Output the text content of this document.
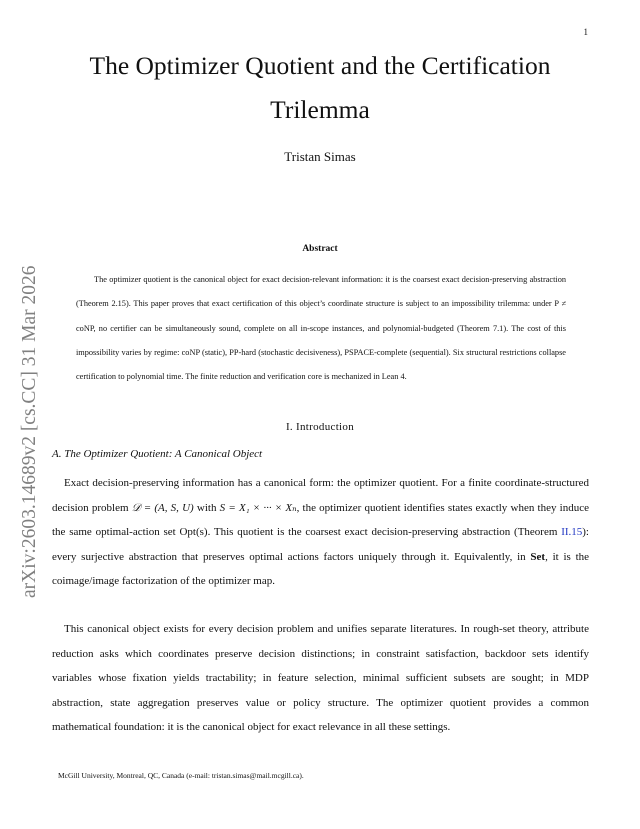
1
arXiv:2603.14689v2 [cs.CC] 31 Mar 2026
The Optimizer Quotient and the Certification Trilemma
Tristan Simas
Abstract

The optimizer quotient is the canonical object for exact decision-relevant information: it is the coarsest exact decision-preserving abstraction (Theorem 2.15). This paper proves that exact certification of this object’s coordinate structure is subject to an impossibility trilemma: under P ≠ coNP, no certifier can be simultaneously sound, complete on all in-scope instances, and polynomial-budgeted (Theorem 7.1). The cost of this impossibility varies by regime: coNP (static), PP-hard (stochastic decisiveness), PSPACE-complete (sequential). Six structural restrictions collapse certification to polynomial time. The finite reduction and verification core is mechanized in Lean 4.

I. Introduction
A. The Optimizer Quotient: A Canonical Object

Exact decision-preserving information has a canonical form: the optimizer quotient. For a finite coordinate-structured decision problem 𝒟 = (A, S, U) with S = X₁ × ··· × Xₙ, the optimizer quotient identifies states exactly when they induce the same optimal-action set Opt(s). This quotient is the coarsest exact decision-preserving abstraction (Theorem II.15): every surjective abstraction that preserves optimal actions factors uniquely through it. Equivalently, in Set, it is the coimage/image factorization of the optimizer map.

This canonical object exists for every decision problem and unifies separate literatures. In rough-set theory, attribute reduction asks which coordinates preserve decision distinctions; in constraint satisfaction, backdoor sets identify variables whose fixation yields tractability; in feature selection, minimal sufficient subsets are sought; in MDP abstraction, state aggregation preserves value or policy structure. The optimizer quotient provides a common mathematical foundation: it is the canonical object for exact relevance in all these settings.

McGill University, Montreal, QC, Canada (e-mail: tristan.simas@mail.mcgill.ca).
